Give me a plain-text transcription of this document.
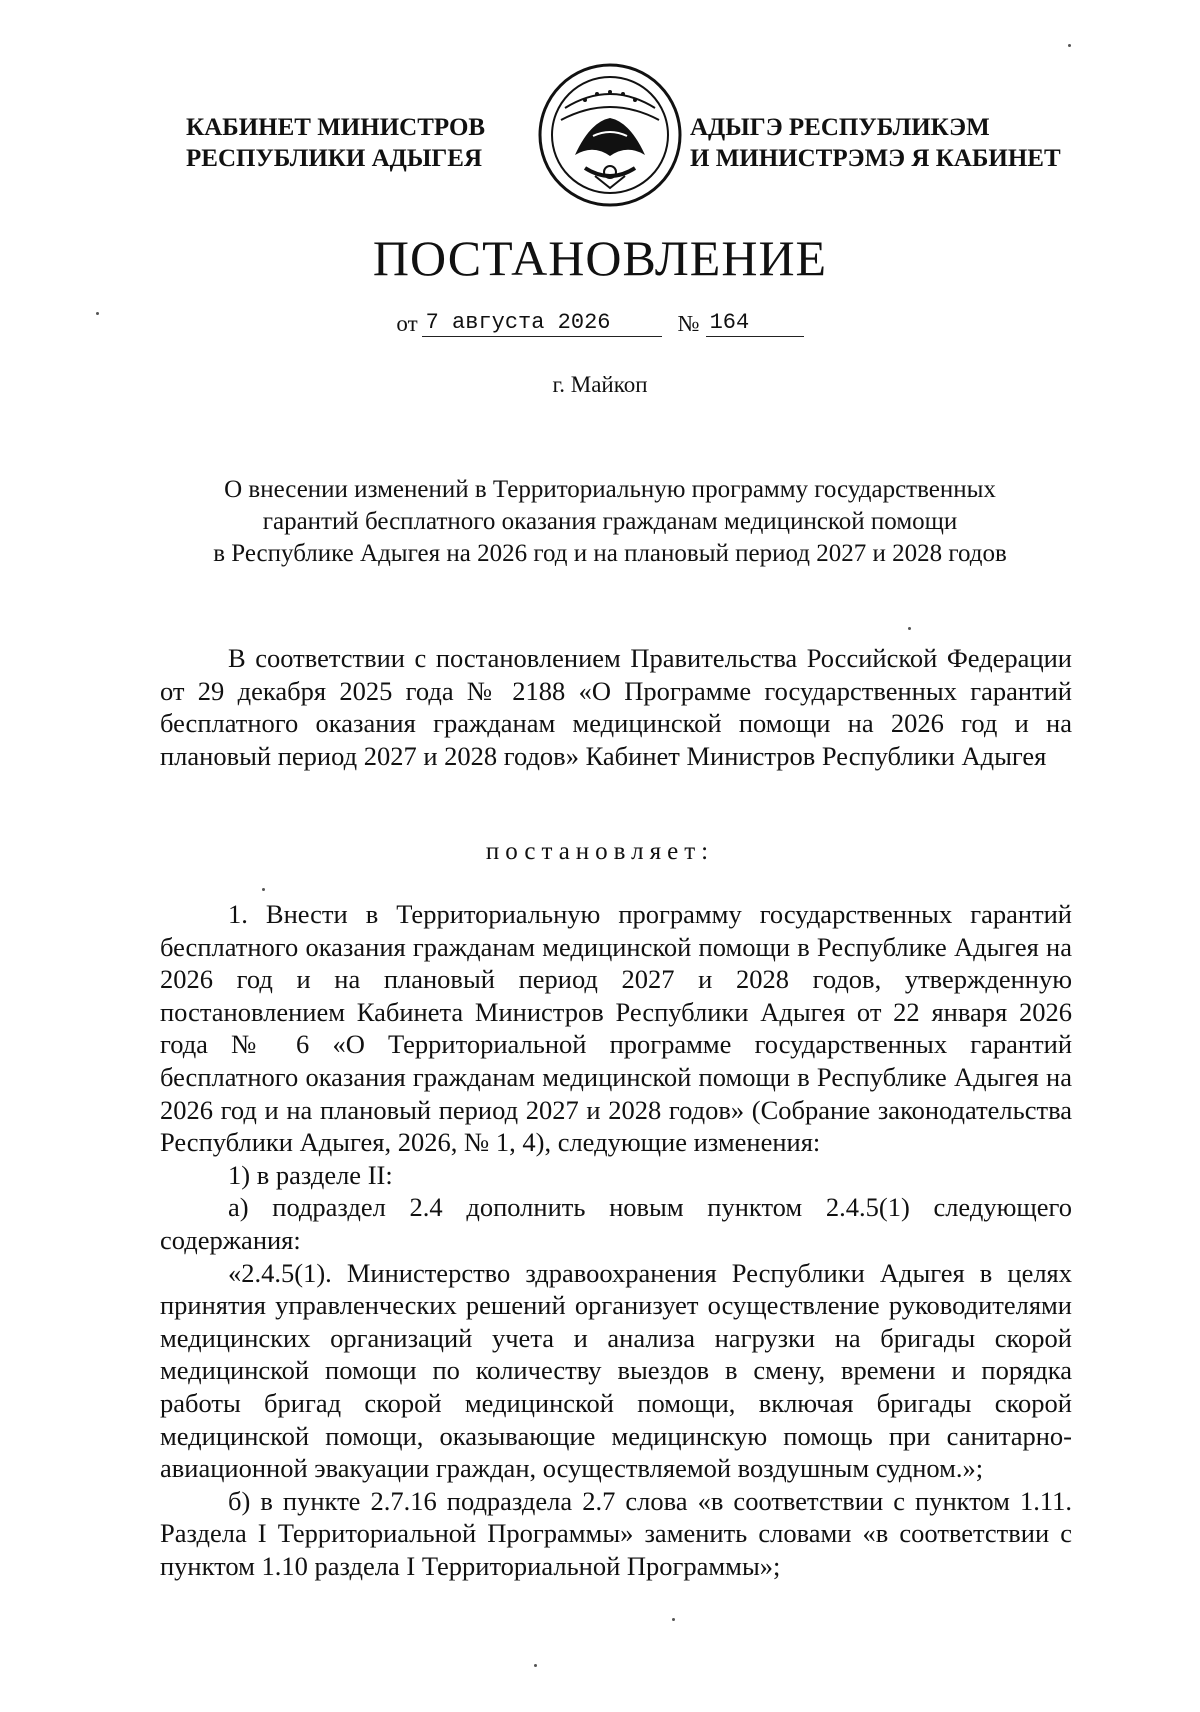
КАБИНЕТ МИНИСТРОВ
РЕСПУБЛИКИ АДЫГЕЯ
АДЫГЭ РЕСПУБЛИКЭМ
И МИНИСТРЭМЭ Я КАБИНЕТ
ПОСТАНОВЛЕНИЕ
от 7 августа 2026	№ 164
г. Майкоп
О внесении изменений в Территориальную программу государственных
гарантий бесплатного оказания гражданам медицинской помощи
в Республике Адыгея на 2026 год и на плановый период 2027 и 2028 годов

В соответствии с постановлением Правительства Российской Федерации от 29 декабря 2025 года № 2188 «О Программе государственных гарантий бесплатного оказания гражданам медицинской помощи на 2026 год и на плановый период 2027 и 2028 годов» Кабинет Министров Республики Адыгея

постановляет:

1. Внести в Территориальную программу государственных гарантий бесплатного оказания гражданам медицинской помощи в Республике Адыгея на 2026 год и на плановый период 2027 и 2028 годов, утвержденную постановлением Кабинета Министров Республики Адыгея от 22 января 2026 года № 6 «О Территориальной программе государственных гарантий бесплатного оказания гражданам медицинской помощи в Республике Адыгея на 2026 год и на плановый период 2027 и 2028 годов» (Собрание законодательства Республики Адыгея, 2026, № 1, 4), следующие изменения:

1) в разделе II:

а) подраздел 2.4 дополнить новым пунктом 2.4.5(1) следующего содержания:

«2.4.5(1). Министерство здравоохранения Республики Адыгея в целях принятия управленческих решений организует осуществление руководителями медицинских организаций учета и анализа нагрузки на бригады скорой медицинской помощи по количеству выездов в смену, времени и порядка работы бригад скорой медицинской помощи, включая бригады скорой медицинской помощи, оказывающие медицинскую помощь при санитарно-авиационной эвакуации граждан, осуществляемой воздушным судном.»;

б) в пункте 2.7.16 подраздела 2.7 слова «в соответствии с пунктом 1.11. Раздела I Территориальной Программы» заменить словами «в соответствии с пунктом 1.10 раздела I Территориальной Программы»;
